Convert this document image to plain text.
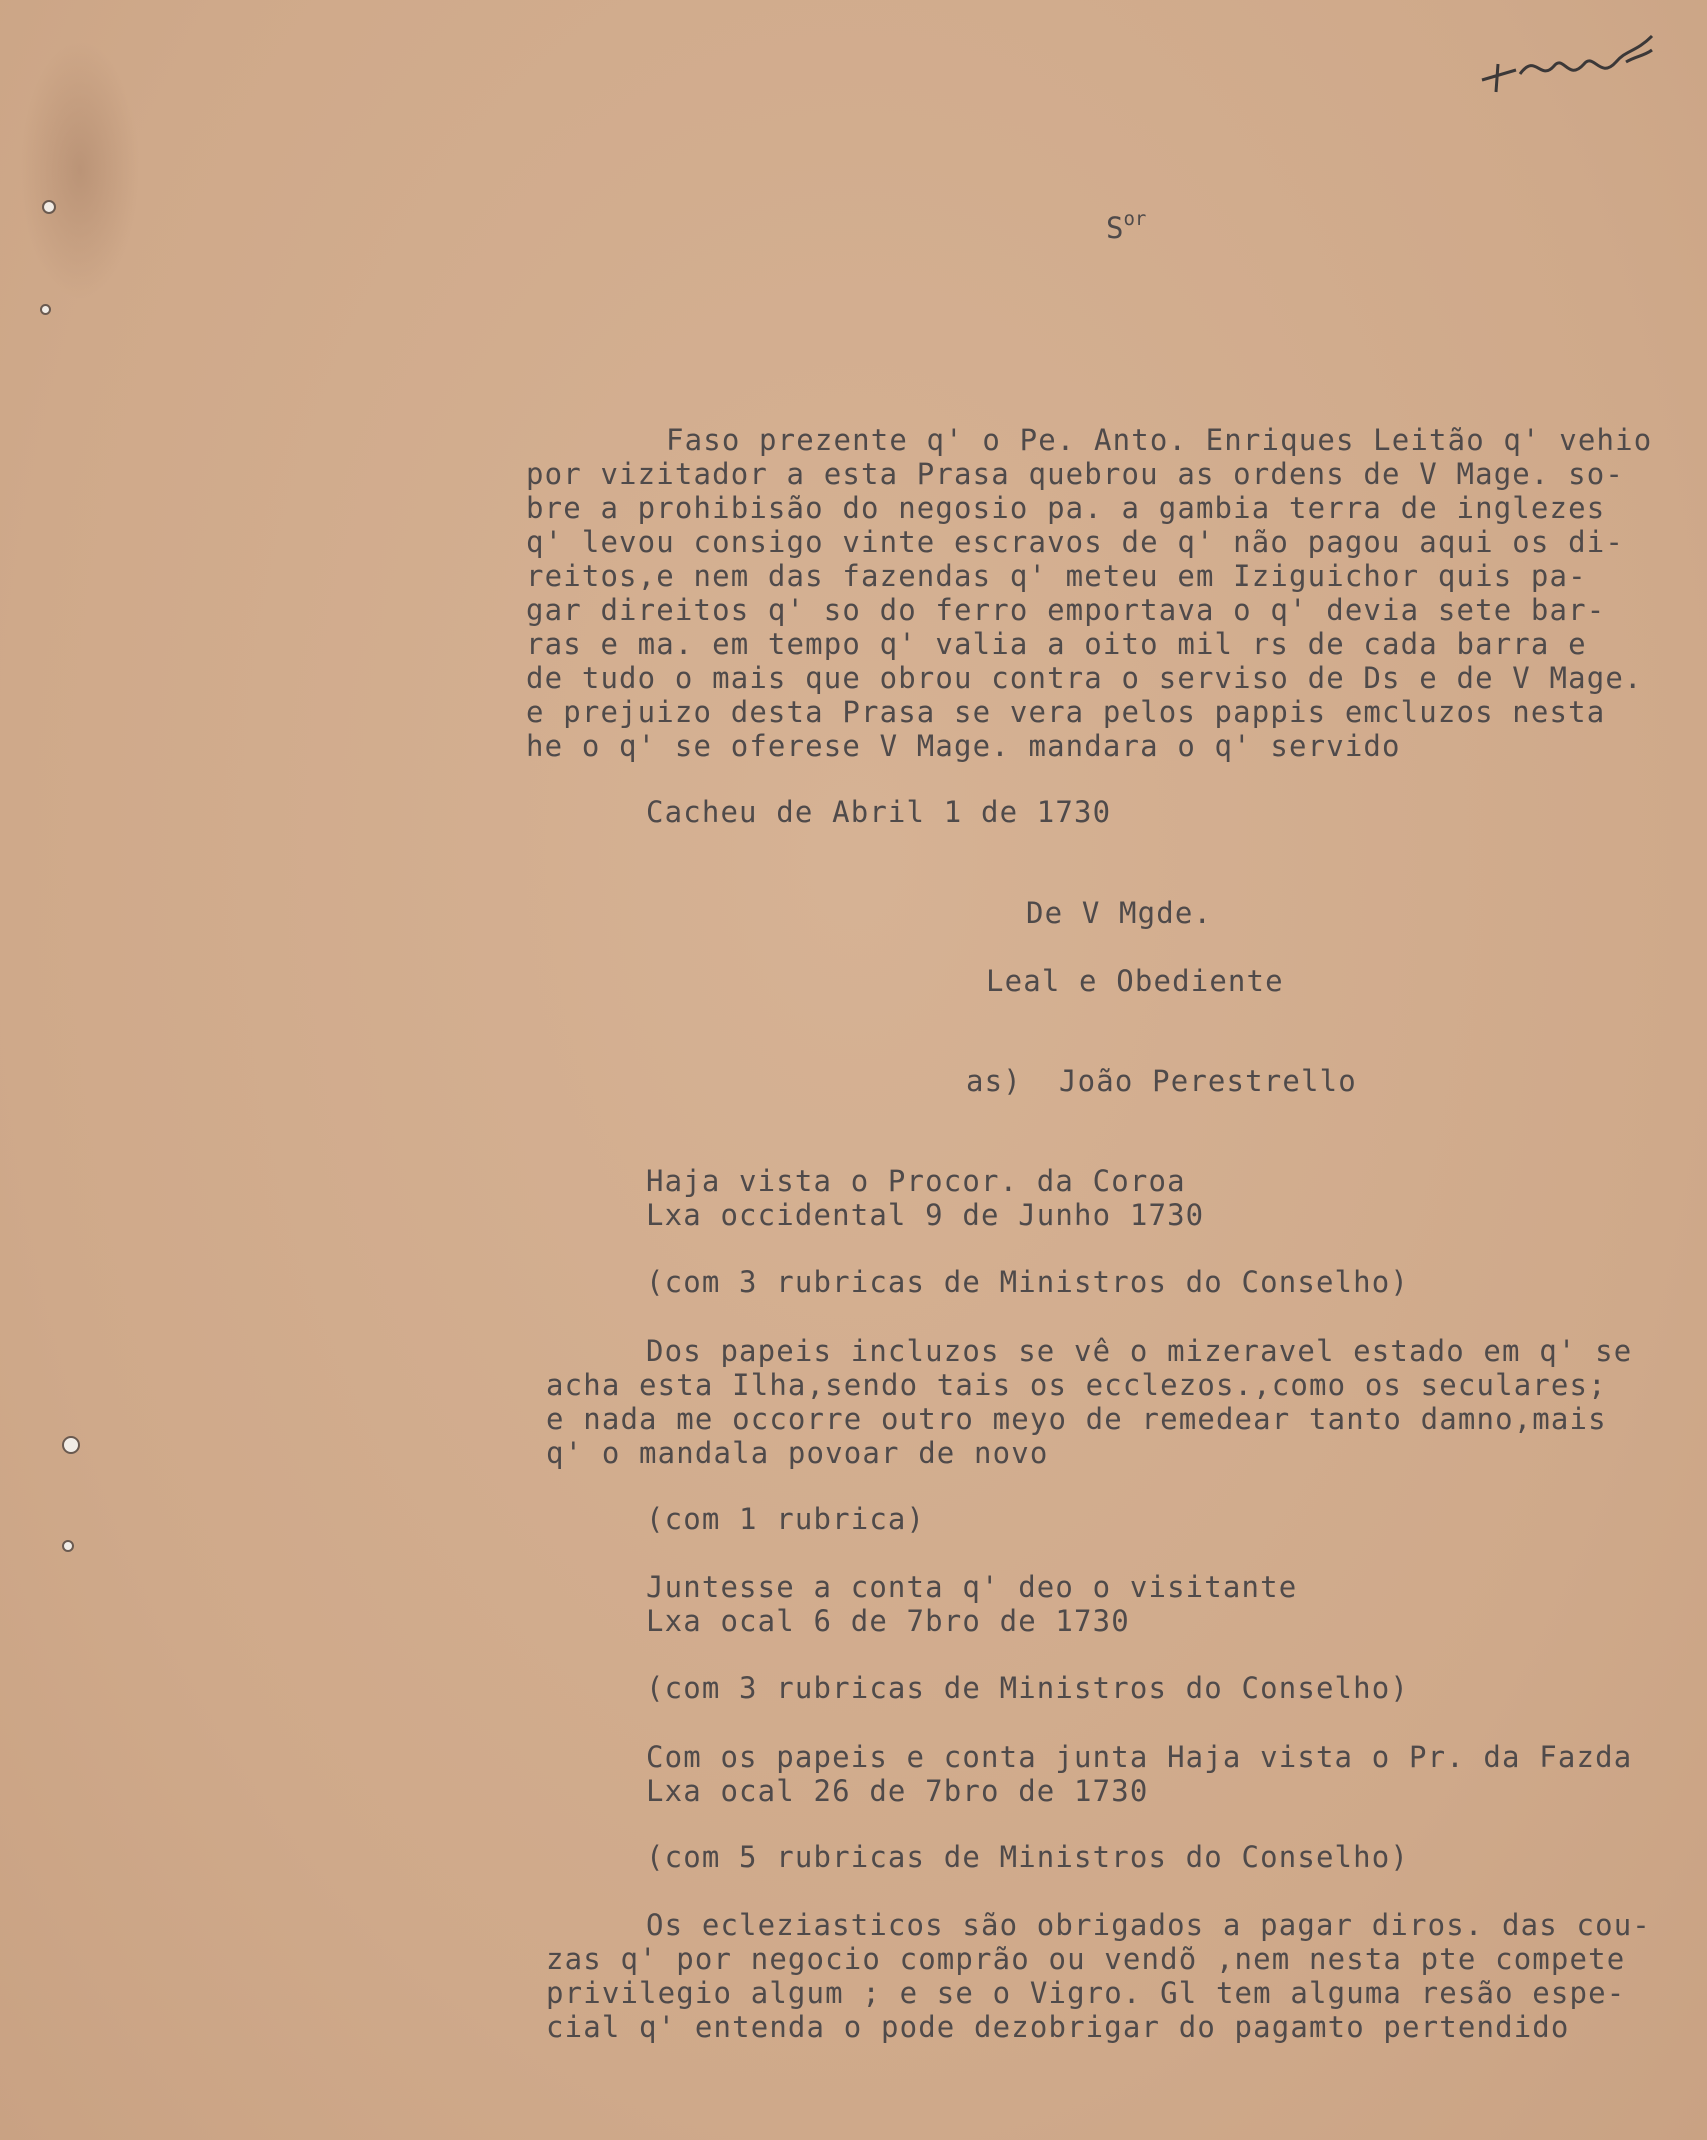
$S^{or}$
Faso prezente q' o Pe. Anto. Enriques Leitão q' vehio
por vizitador a esta Prasa quebrou as ordens de V Mage. so-
bre a prohibisão do negosio pa. a gambia terra de inglezes
q' levou consigo vinte escravos de q' não pagou aqui os di-
reitos,e nem das fazendas q' meteu em Iziguichor quis pa-
gar direitos q' so do ferro emportava o q' devia sete bar-
ras e ma. em tempo q' valia a oito mil rs de cada barra e
de tudo o mais que obrou contra o serviso de Ds e de V Mage.
e prejuizo desta Prasa se vera pelos pappis emcluzos nesta
he o q' se oferese V Mage. mandara o q' servido
Cacheu de Abril 1 de 1730
De V Mgde.
Leal e Obediente
as)  João Perestrello
Haja vista o Procor. da Coroa
Lxa occidental 9 de Junho 1730
(com 3 rubricas de Ministros do Conselho)
Dos papeis incluzos se vê o mizeravel estado em q' se
acha esta Ilha,sendo tais os ecclezos.,como os seculares;
e nada me occorre outro meyo de remedear tanto damno,mais
q' o mandala povoar de novo
(com 1 rubrica)
Juntesse a conta q' deo o visitante
Lxa ocal 6 de 7bro de 1730
(com 3 rubricas de Ministros do Conselho)
Com os papeis e conta junta Haja vista o Pr. da Fazda
Lxa ocal 26 de 7bro de 1730
(com 5 rubricas de Ministros do Conselho)
Os ecleziasticos são obrigados a pagar diros. das cou-
zas q' por negocio comprão ou vendõ ,nem nesta pte compete
privilegio algum ; e se o Vigro. Gl tem alguma resão espe-
cial q' entenda o pode dezobrigar do pagamto pertendido
